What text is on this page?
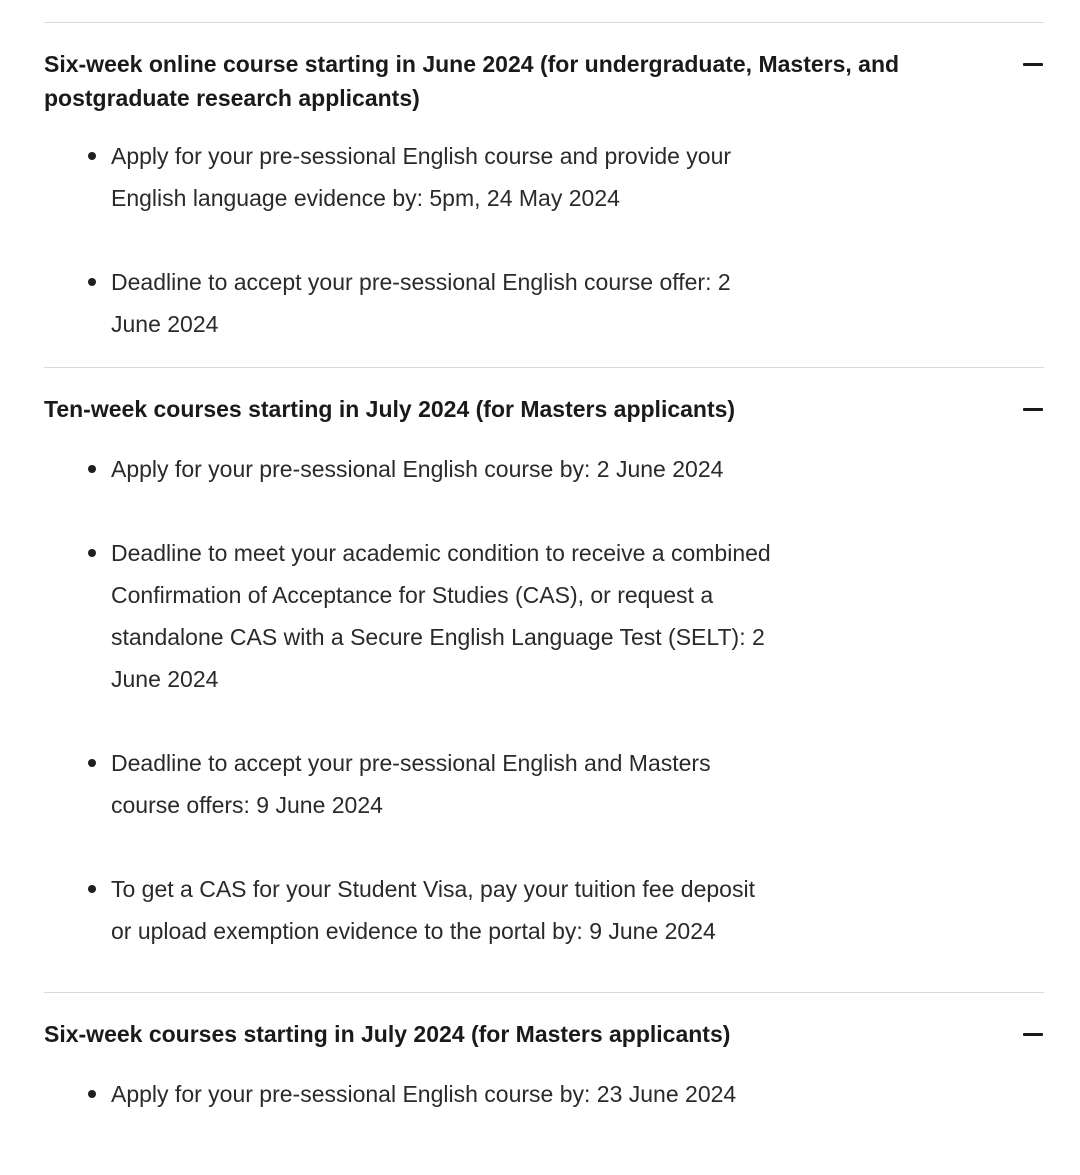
Six-week online course starting in June 2024 (for undergraduate, Masters, and postgraduate research applicants)
Apply for your pre-sessional English course and provide your English language evidence by: 5pm, 24 May 2024
Deadline to accept your pre-sessional English course offer: 2 June 2024
Ten-week courses starting in July 2024 (for Masters applicants)
Apply for your pre-sessional English course by: 2 June 2024
Deadline to meet your academic condition to receive a combined Confirmation of Acceptance for Studies (CAS), or request a standalone CAS with a Secure English Language Test (SELT): 2 June 2024
Deadline to accept your pre-sessional English and Masters course offers: 9 June 2024
To get a CAS for your Student Visa, pay your tuition fee deposit or upload exemption evidence to the portal by: 9 June 2024
Six-week courses starting in July 2024 (for Masters applicants)
Apply for your pre-sessional English course by: 23 June 2024
